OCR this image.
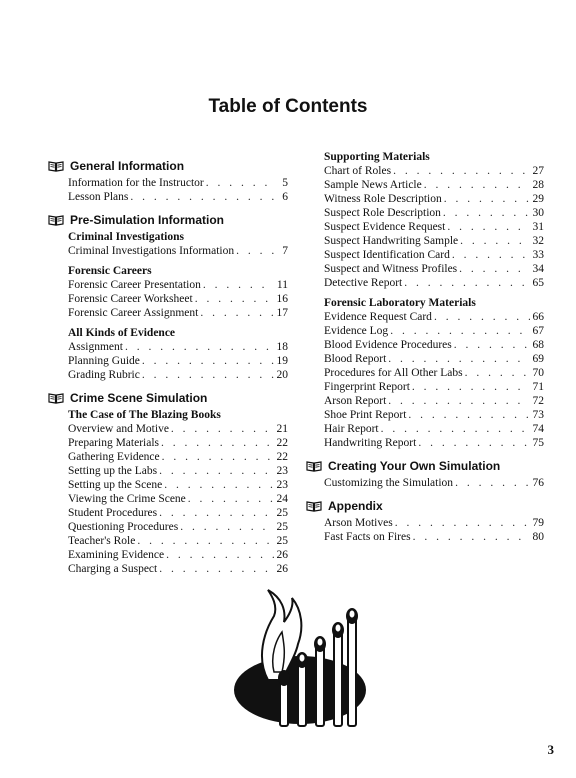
Table of Contents
General Information
Information for the Instructor . . .	5
Lesson Plans . . .	6
Pre-Simulation Information
Criminal Investigations
Criminal Investigations Information . . .	7
Forensic Careers
Forensic Career Presentation . . .	11
Forensic Career Worksheet . . .	16
Forensic Career Assignment . . .	17
All Kinds of Evidence
Assignment . . .	18
Planning Guide . . .	19
Grading Rubric . . .	20
Crime Scene Simulation
The Case of The Blazing Books
Overview and Motive . . .	21
Preparing Materials . . .	22
Gathering Evidence . . .	22
Setting up the Labs . . .	23
Setting up the Scene . . .	23
Viewing the Crime Scene . . .	24
Student Procedures . . .	25
Questioning Procedures . . .	25
Teacher's Role . . .	25
Examining Evidence . . .	26
Charging a Suspect . . .	26
Supporting Materials
Chart of Roles . . .	27
Sample News Article . . .	28
Witness Role Description . . .	29
Suspect Role Description . . .	30
Suspect Evidence Request . . .	31
Suspect Handwriting Sample . . .	32
Suspect Identification Card . . .	33
Suspect and Witness Profiles . . .	34
Detective Report . . .	65
Forensic Laboratory Materials
Evidence Request Card . . .	66
Evidence Log . . .	67
Blood Evidence Procedures . . .	68
Blood Report . . .	69
Procedures for All Other Labs . . .	70
Fingerprint Report . . .	71
Arson Report . . .	72
Shoe Print Report . . .	73
Hair Report . . .	74
Handwriting Report . . .	75
Creating Your Own Simulation
Customizing the Simulation . . .	76
Appendix
Arson Motives . . .	79
Fast Facts on Fires . . .	80
3
